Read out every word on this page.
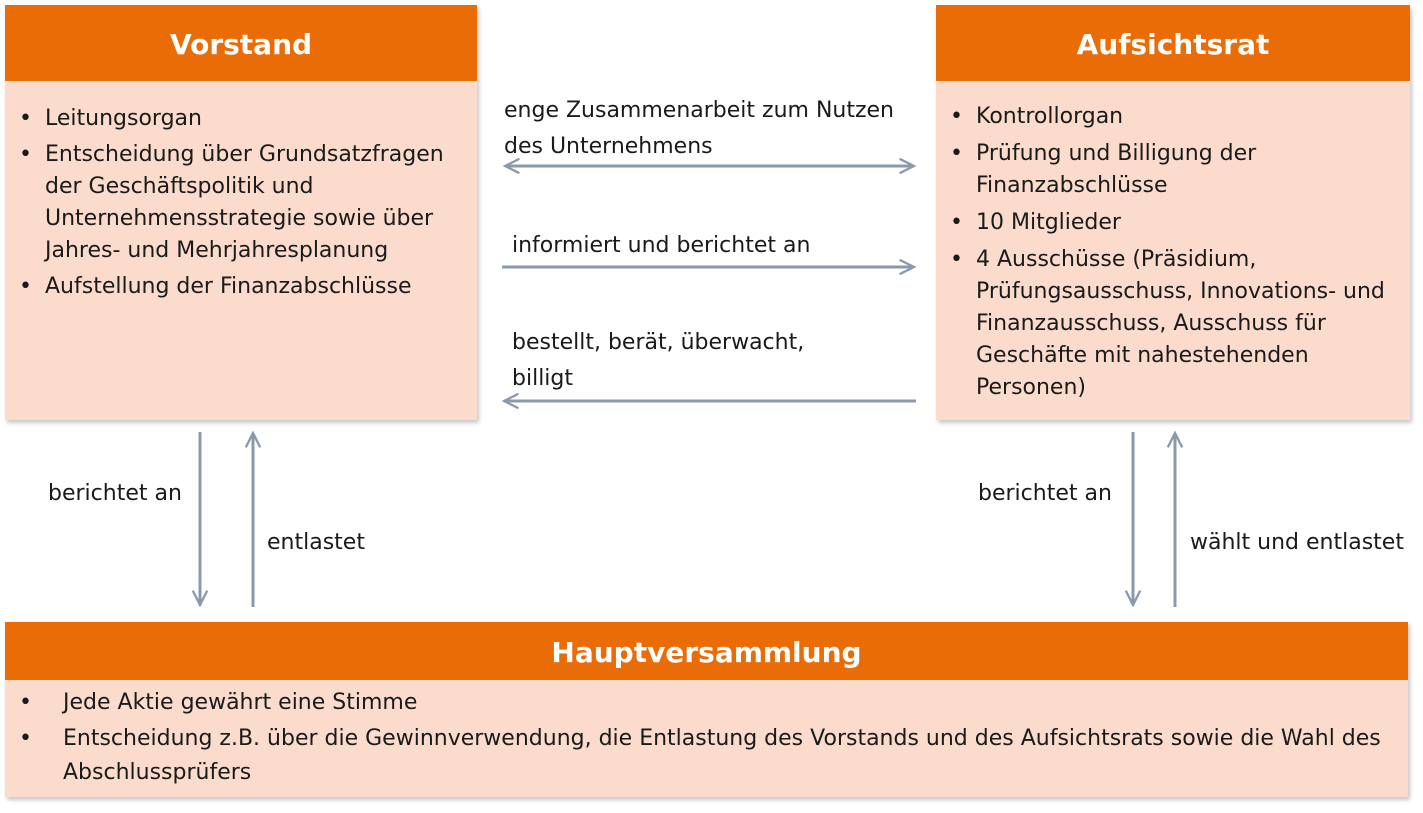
Vorstand
• Leitungsorgan
• Entscheidung über Grundsatzfragen der Geschäftspolitik und Unternehmensstrategie sowie über Jahres- und Mehrjahresplanung
• Aufstellung der Finanzabschlüsse
Aufsichtsrat
• Kontrollorgan
• Prüfung und Billigung der Finanzabschlüsse
• 10 Mitglieder
• 4 Ausschüsse (Präsidium, Prüfungsausschuss, Innovations- und Finanzausschuss, Ausschuss für Geschäfte mit nahestehenden Personen)
Hauptversammlung
• Jede Aktie gewährt eine Stimme
• Entscheidung z.B. über die Gewinnverwendung, die Entlastung des Vorstands und des Aufsichtsrats sowie die Wahl des Abschlussprüfers
enge Zusammenarbeit zum Nutzen des Unternehmens
informiert und berichtet an
bestellt, berät, überwacht, billigt
berichtet an
entlastet
berichtet an
wählt und entlastet
